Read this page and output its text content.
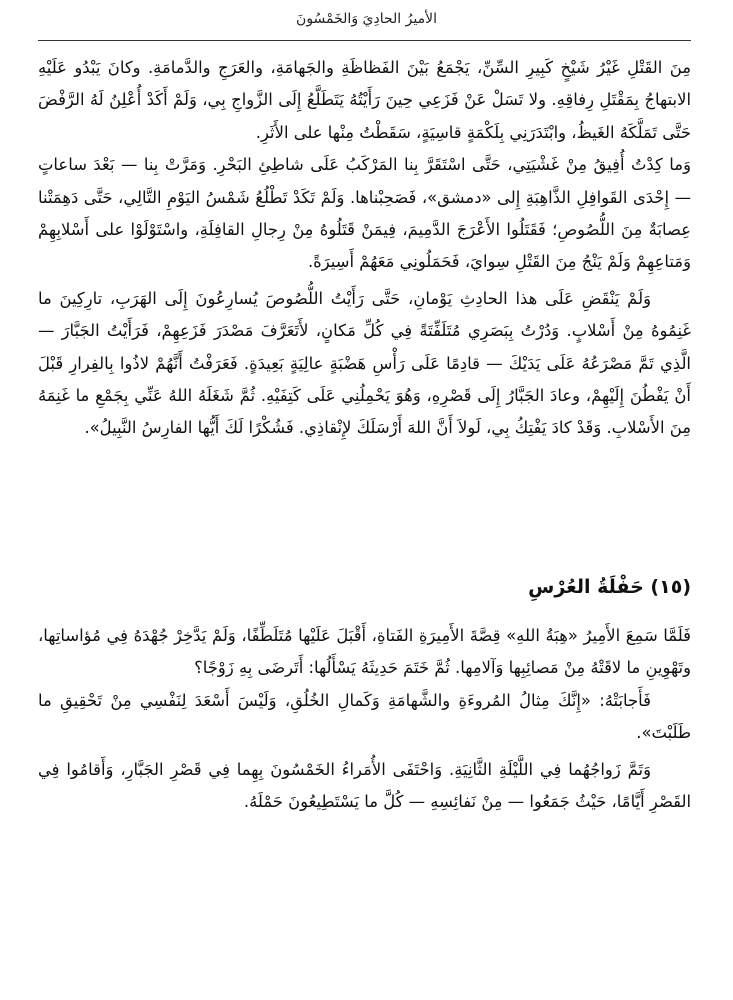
الأميرُ الحادِيَ وَالخَمْسُونَ

مِنَ القَتْلِ غَيْرُ شَيْخٍ كَبِيرِ السِّنِّ، يَجْمَعُ بَيْنَ الفَظاظَةِ والجَهامَةِ، والعَرَجِ والدَّمامَةِ. وكانَ يَبْدُو عَلَيْهِ الابتهاجُ بِمَقْتَلِ رِفاقِهِ. ولا تَسَلْ عَنْ فَزَعِي حِينَ رَأَيْتُهُ يَتَطَلَّعُ إِلَى الزَّواجِ بِي، وَلَمْ أَكَدْ أُعْلِنُ لَهُ الرَّفْضَ حَتَّى تَمَلَّكَهُ الغَيظُ، وابْتَدَرَنِي بِلَكْمَةٍ قاسِيَةٍ، سَقَطْتُ مِنْها على الأَثَرِ.

وَما كِدْتُ أُفِيقُ مِنْ غَشْيَتِي، حَتَّى اسْتَقَرَّ بِنا المَرْكَبُ عَلَى شاطِئِ البَحْرِ. وَمَرَّتْ بِنا — بَعْدَ ساعاتٍ — إِحْدَى القَوافِلِ الذَّاهِبَةِ إِلى «دمشق»، فَصَحِبْناها. وَلَمْ تَكَدْ تَطْلُعُ شَمْسُ اليَوْمِ التَّالِي، حَتَّى دَهِمَتْنا عِصابَةٌ مِنَ اللُّصُوصِ؛ فَقَتَلُوا الأَعْرَجَ الدَّمِيمَ، فِيمَنْ قَتَلُوهُ مِنْ رِجالِ القافِلَةِ، واسْتَوْلَوْا على أَسْلابِهِمْ وَمَتاعِهِمْ وَلَمْ يَنْجُ مِنَ القَتْلِ سِوايَ، فَحَمَلُونِي مَعَهُمْ أَسِيرَةً.

وَلَمْ يَنْقَضِ عَلَى هذا الحادِثِ يَوْمانِ، حَتَّى رَأَيْتُ اللُّصُوصَ يُسارِعُونَ إِلَى الهَرَبِ، تارِكِينَ ما غَنِمُوهُ مِنْ أَسْلابٍ. وَدُرْتُ بِبَصَرِي مُتَلَفِّتَةً فِي كُلِّ مَكانٍ، لأَتَعَرَّفَ مَصْدَرَ فَزَعِهِمْ، فَرَأَيْتُ الجَبَّارَ — الَّذِي تَمَّ مَصْرَعُهُ عَلَى يَدَيْكَ — قادِمًا عَلَى رَأْسِ هَضْبَةٍ عالِيَةٍ بَعِيدَةٍ. فَعَرَفْتُ أَنَّهُمْ لاذُوا بِالفِرارِ قَبْلَ أَنْ يَفْطُنَ إِلَيْهِمْ، وعادَ الجَبَّارُ إِلَى قَصْرِهِ، وَهُوَ يَحْمِلُنِي عَلَى كَتِفَيْهِ. ثُمَّ شَغَلَهُ اللهُ عَنِّي بِجَمْعِ ما غَنِمَهُ مِنَ الأَسْلابِ. وَقَدْ كادَ يَفْتِكُ بِي، لَولاَ أَنَّ اللهَ أَرْسَلَكَ لإِنْقاذِي. فَشُكْرًا لَكَ أَيُّها الفارِسُ النَّبِيلُ».

(١٥) حَفْلَةُ العُرْسِ

فَلَمَّا سَمِعَ الأَمِيرُ «هِبَةُ اللهِ» قِصَّةَ الأَمِيرَةِ الفَتاةِ، أَقْبَلَ عَلَيْها مُتَلَطِّفًا، وَلَمْ يَدَّخِرْ جُهْدَهُ فِي مُؤاساتِها، وتَهْوِينِ ما لاقَتْهُ مِنْ مَصائِبِها وَآلامِها. ثُمَّ خَتَمَ حَدِيثَهُ يَسْأَلُها: أَتَرضَى بِهِ زَوْجًا؟

فَأَجابَتْهُ: «إِنَّكَ مِثالُ المُروءَةِ والشَّهامَةِ وَكَمالِ الخُلُقِ، وَلَيْسَ أَسْعَدَ لِنَفْسِي مِنْ تَحْقِيقِ ما طَلَبْتَ».

وَتَمَّ زَواجُهُما فِي اللَّيْلَةِ الثَّانِيَةِ. وَاحْتَفَى الأُمَراءُ الخَمْسُونَ بِهِما فِي قَصْرِ الجَبَّارِ، وَأَقامُوا فِي القَصْرِ أَيَّامًا، حَيْثُ جَمَعُوا — مِنْ نَفائِسِهِ — كُلَّ ما يَسْتَطِيعُونَ حَمْلَهُ.
